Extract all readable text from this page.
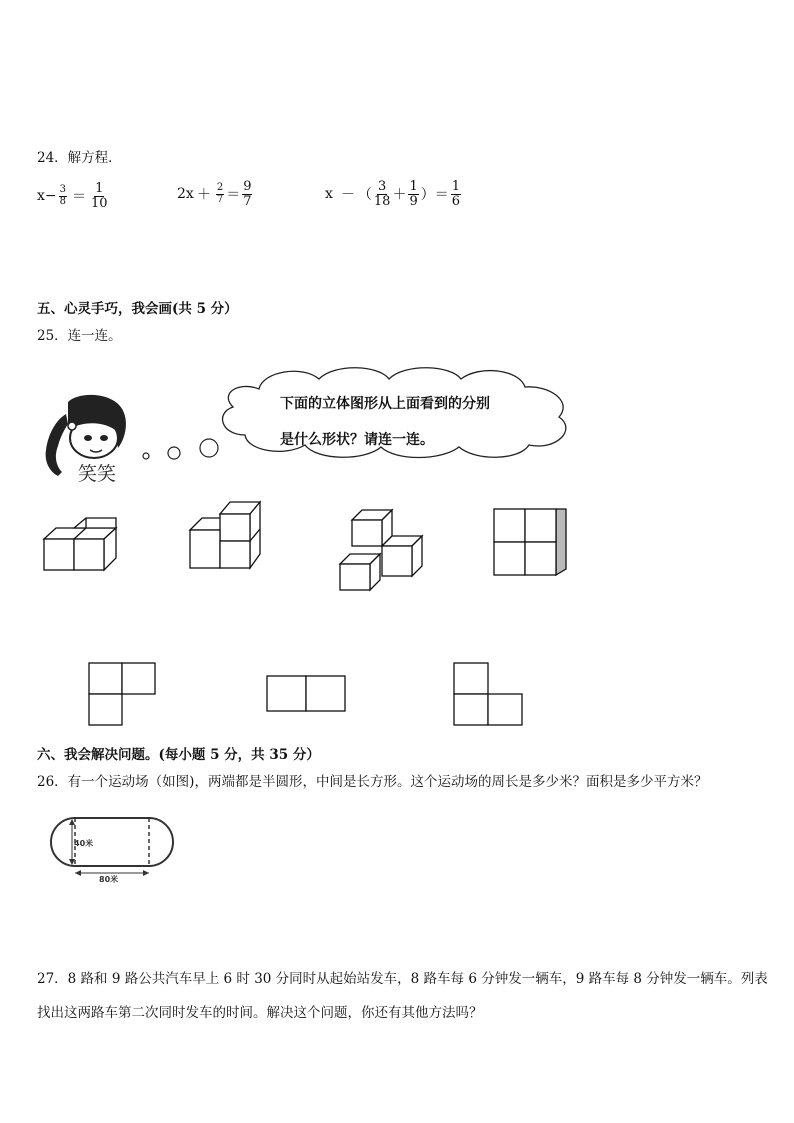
24．解方程．
$x - \frac{3}{8} = \frac{1}{10}$	$2x + \frac{2}{7} = \frac{9}{7}$	x － （ $\frac{3}{18} + \frac{1}{9}$ ） ＝ $\frac{1}{6}$
五、心灵手巧，我会画(共 5 分）
25．连一连。
笑笑
下面的立体图形从上面看到的分别
是什么形状？请连一连。
六、我会解决问题。(每小题 5 分，共 35 分）
26．有一个运动场（如图)，两端都是半圆形，中间是长方形。这个运动场的周长是多少米？面积是多少平方米？
40米
80米
27．8 路和 9 路公共汽车早上 6 时 30 分同时从起始站发车，8 路车每 6 分钟发一辆车，9 路车每 8 分钟发一辆车。列表
找出这两路车第二次同时发车的时间。解决这个问题，你还有其他方法吗？
